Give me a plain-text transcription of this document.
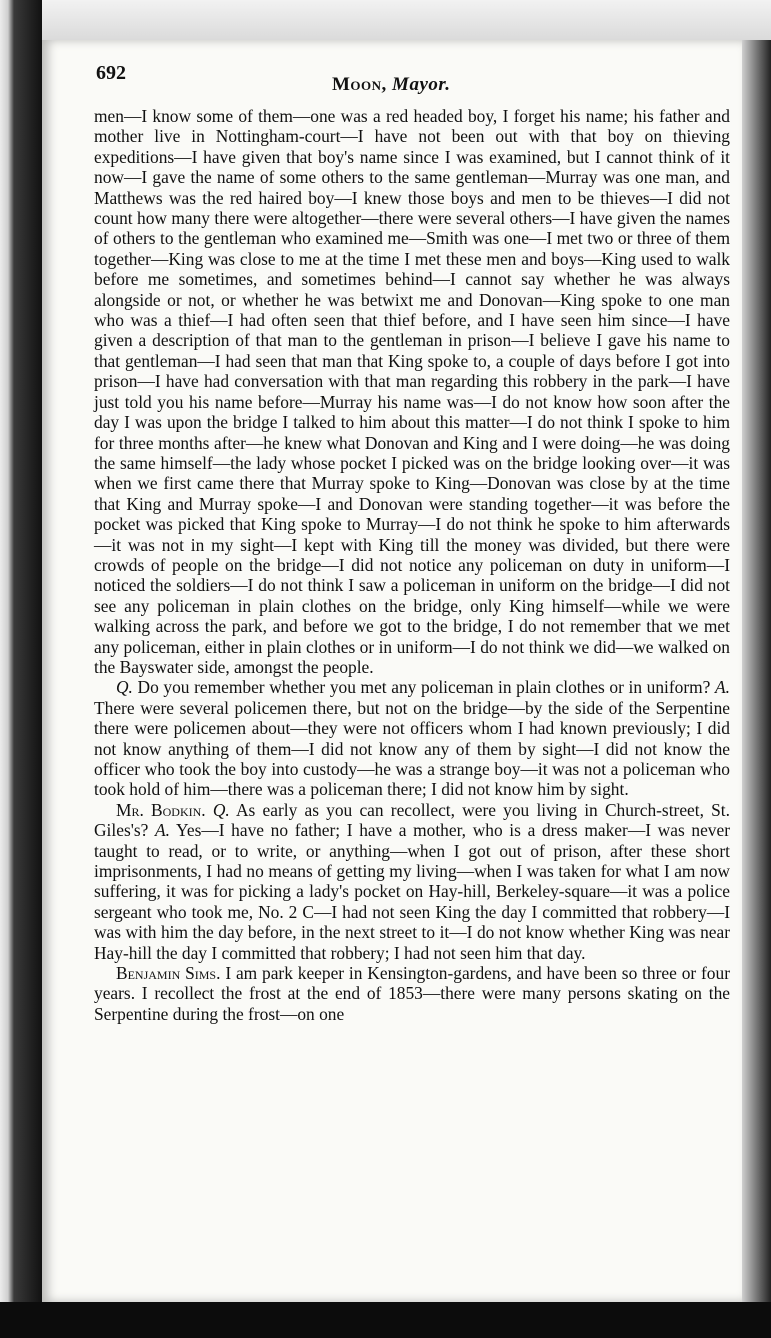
692
Moon, Mayor.

men—I know some of them—one was a red headed boy, I forget his name; his father and mother live in Nottingham-court—I have not been out with that boy on thieving expeditions—I have given that boy's name since I was examined, but I cannot think of it now—I gave the name of some others to the same gentleman—Murray was one man, and Matthews was the red haired boy—I knew those boys and men to be thieves—I did not count how many there were altogether—there were several others—I have given the names of others to the gentleman who examined me—Smith was one—I met two or three of them together—King was close to me at the time I met these men and boys—King used to walk before me sometimes, and sometimes behind—I cannot say whether he was always alongside or not, or whether he was betwixt me and Donovan—King spoke to one man who was a thief—I had often seen that thief before, and I have seen him since—I have given a description of that man to the gentleman in prison—I believe I gave his name to that gentleman—I had seen that man that King spoke to, a couple of days before I got into prison—I have had conversation with that man regarding this robbery in the park—I have just told you his name before—Murray his name was—I do not know how soon after the day I was upon the bridge I talked to him about this matter—I do not think I spoke to him for three months after—he knew what Donovan and King and I were doing—he was doing the same himself—the lady whose pocket I picked was on the bridge looking over—it was when we first came there that Murray spoke to King—Donovan was close by at the time that King and Murray spoke—I and Donovan were standing together—it was before the pocket was picked that King spoke to Murray—I do not think he spoke to him afterwards—it was not in my sight—I kept with King till the money was divided, but there were crowds of people on the bridge—I did not notice any policeman on duty in uniform—I noticed the soldiers—I do not think I saw a policeman in uniform on the bridge—I did not see any policeman in plain clothes on the bridge, only King himself—while we were walking across the park, and before we got to the bridge, I do not remember that we met any policeman, either in plain clothes or in uniform—I do not think we did—we walked on the Bayswater side, amongst the people.

Q. Do you remember whether you met any policeman in plain clothes or in uniform? A. There were several policemen there, but not on the bridge—by the side of the Serpentine there were policemen about—they were not officers whom I had known previously; I did not know anything of them—I did not know any of them by sight—I did not know the officer who took the boy into custody—he was a strange boy—it was not a policeman who took hold of him—there was a policeman there; I did not know him by sight.

Mr. Bodkin. Q. As early as you can recollect, were you living in Church-street, St. Giles's? A. Yes—I have no father; I have a mother, who is a dress maker—I was never taught to read, or to write, or anything—when I got out of prison, after these short imprisonments, I had no means of getting my living—when I was taken for what I am now suffering, it was for picking a lady's pocket on Hay-hill, Berkeley-square—it was a police sergeant who took me, No. 2 C—I had not seen King the day I committed that robbery—I was with him the day before, in the next street to it—I do not know whether King was near Hay-hill the day I committed that robbery; I had not seen him that day.

Benjamin Sims. I am park keeper in Kensington-gardens, and have been so three or four years. I recollect the frost at the end of 1853—there were many persons skating on the Serpentine during the frost—on one
